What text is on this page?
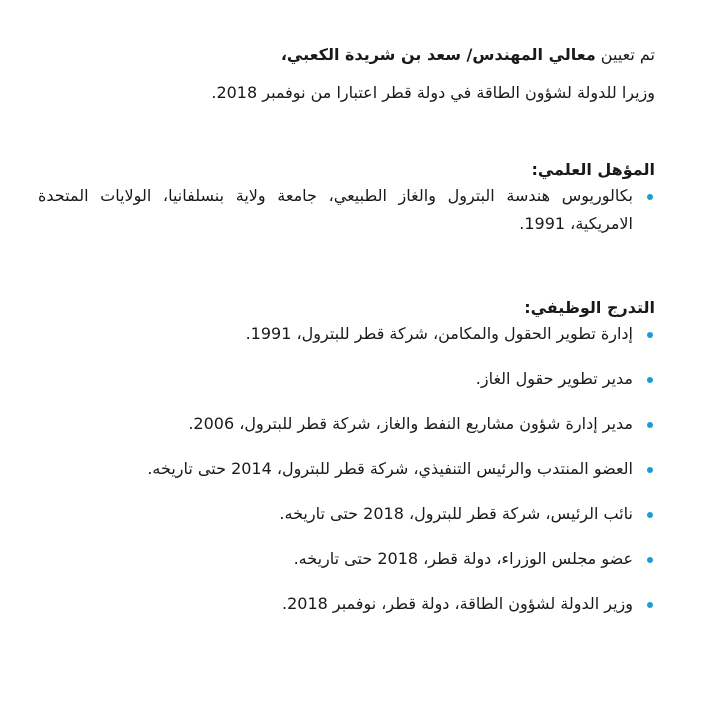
تم تعيين معالي المهندس/ سعد بن شريدة الكعبي،
وزيرا للدولة لشؤون الطاقة في دولة قطر اعتبارا من نوفمبر 2018.

المؤهل العلمي:
بكالوريوس هندسة البترول والغاز الطبيعي، جامعة ولاية بنسلفانيا، الولايات المتحدة الامريكية، 1991.
التدرج الوظيفي:
إدارة تطوير الحقول والمكامن، شركة قطر للبترول، 1991.
مدير تطوير حقول الغاز.
مدير إدارة شؤون مشاريع النفط والغاز، شركة قطر للبترول، 2006.
العضو المنتدب والرئيس التنفيذي، شركة قطر للبترول، 2014 حتى تاريخه.
نائب الرئيس، شركة قطر للبترول، 2018 حتى تاريخه.
عضو مجلس الوزراء، دولة قطر، 2018 حتى تاريخه.
وزير الدولة لشؤون الطاقة، دولة قطر، نوفمبر 2018.
